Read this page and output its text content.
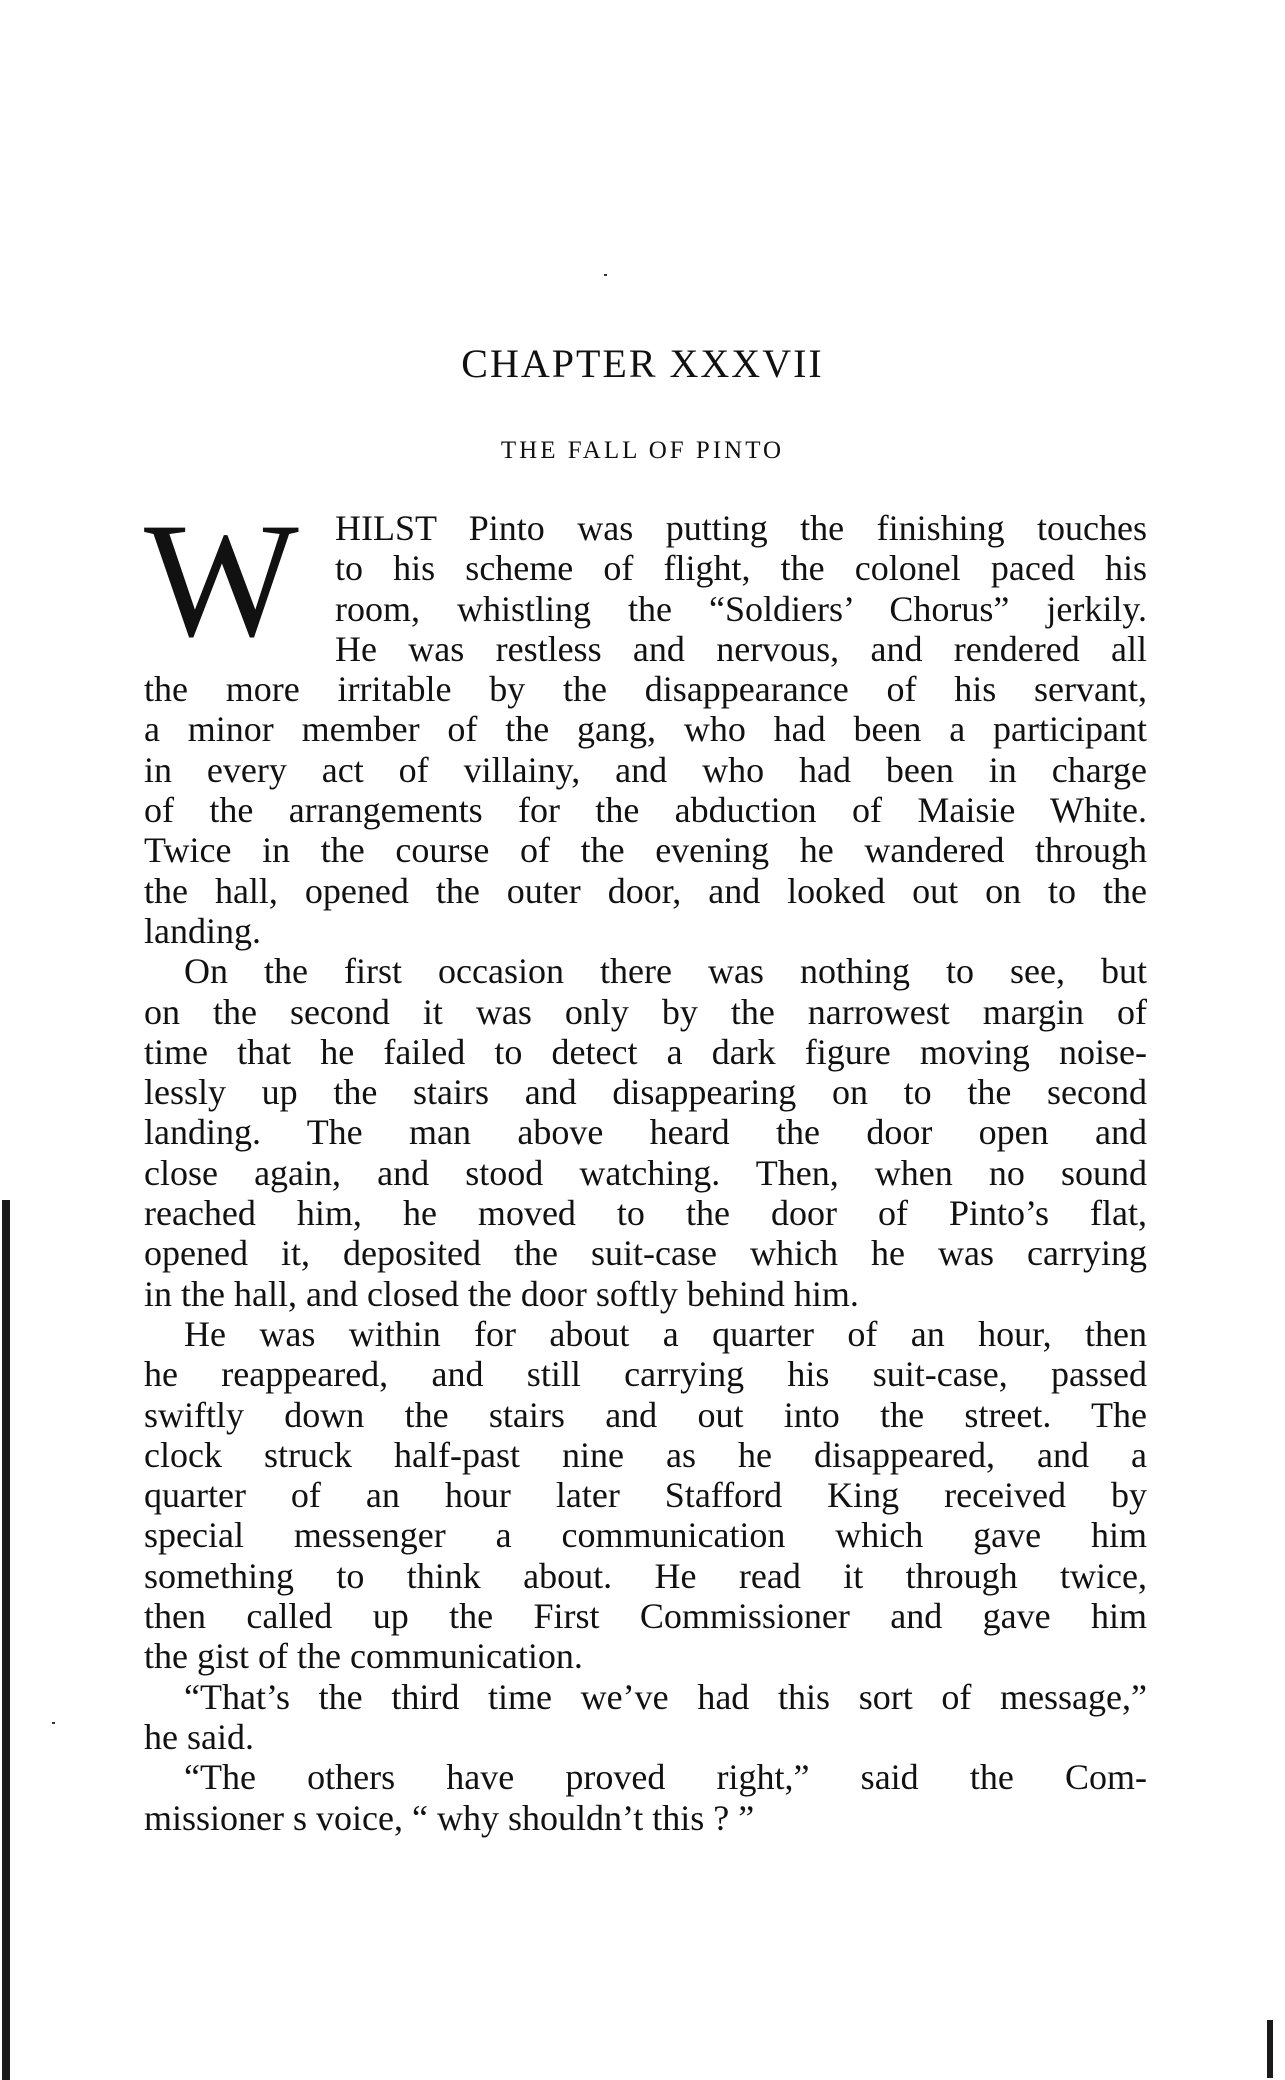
CHAPTER XXXVII
THE FALL OF PINTO
W	HILST Pinto was putting the finishing touches
to his scheme of flight, the colonel paced his
room, whistling the “Soldiers’ Chorus” jerkily.
He was restless and nervous, and rendered all
the more irritable by the disappearance of his servant,
a minor member of the gang, who had been a participant
in every act of villainy, and who had been in charge
of the arrangements for the abduction of Maisie White.
Twice in the course of the evening he wandered through
the hall, opened the outer door, and looked out on to the
landing.
On the first occasion there was nothing to see, but
on the second it was only by the narrowest margin of
time that he failed to detect a dark figure moving noise-
lessly up the stairs and disappearing on to the second
landing. The man above heard the door open and
close again, and stood watching. Then, when no sound
reached him, he moved to the door of Pinto’s flat,
opened it, deposited the suit-case which he was carrying
in the hall, and closed the door softly behind him.
He was within for about a quarter of an hour, then
he reappeared, and still carrying his suit-case, passed
swiftly down the stairs and out into the street. The
clock struck half-past nine as he disappeared, and a
quarter of an hour later Stafford King received by
special messenger a communication which gave him
something to think about. He read it through twice,
then called up the First Commissioner and gave him
the gist of the communication.
“That’s the third time we’ve had this sort of message,”
he said.
“The others have proved right,” said the Com-
missioner s voice, “ why shouldn’t this ? ”
